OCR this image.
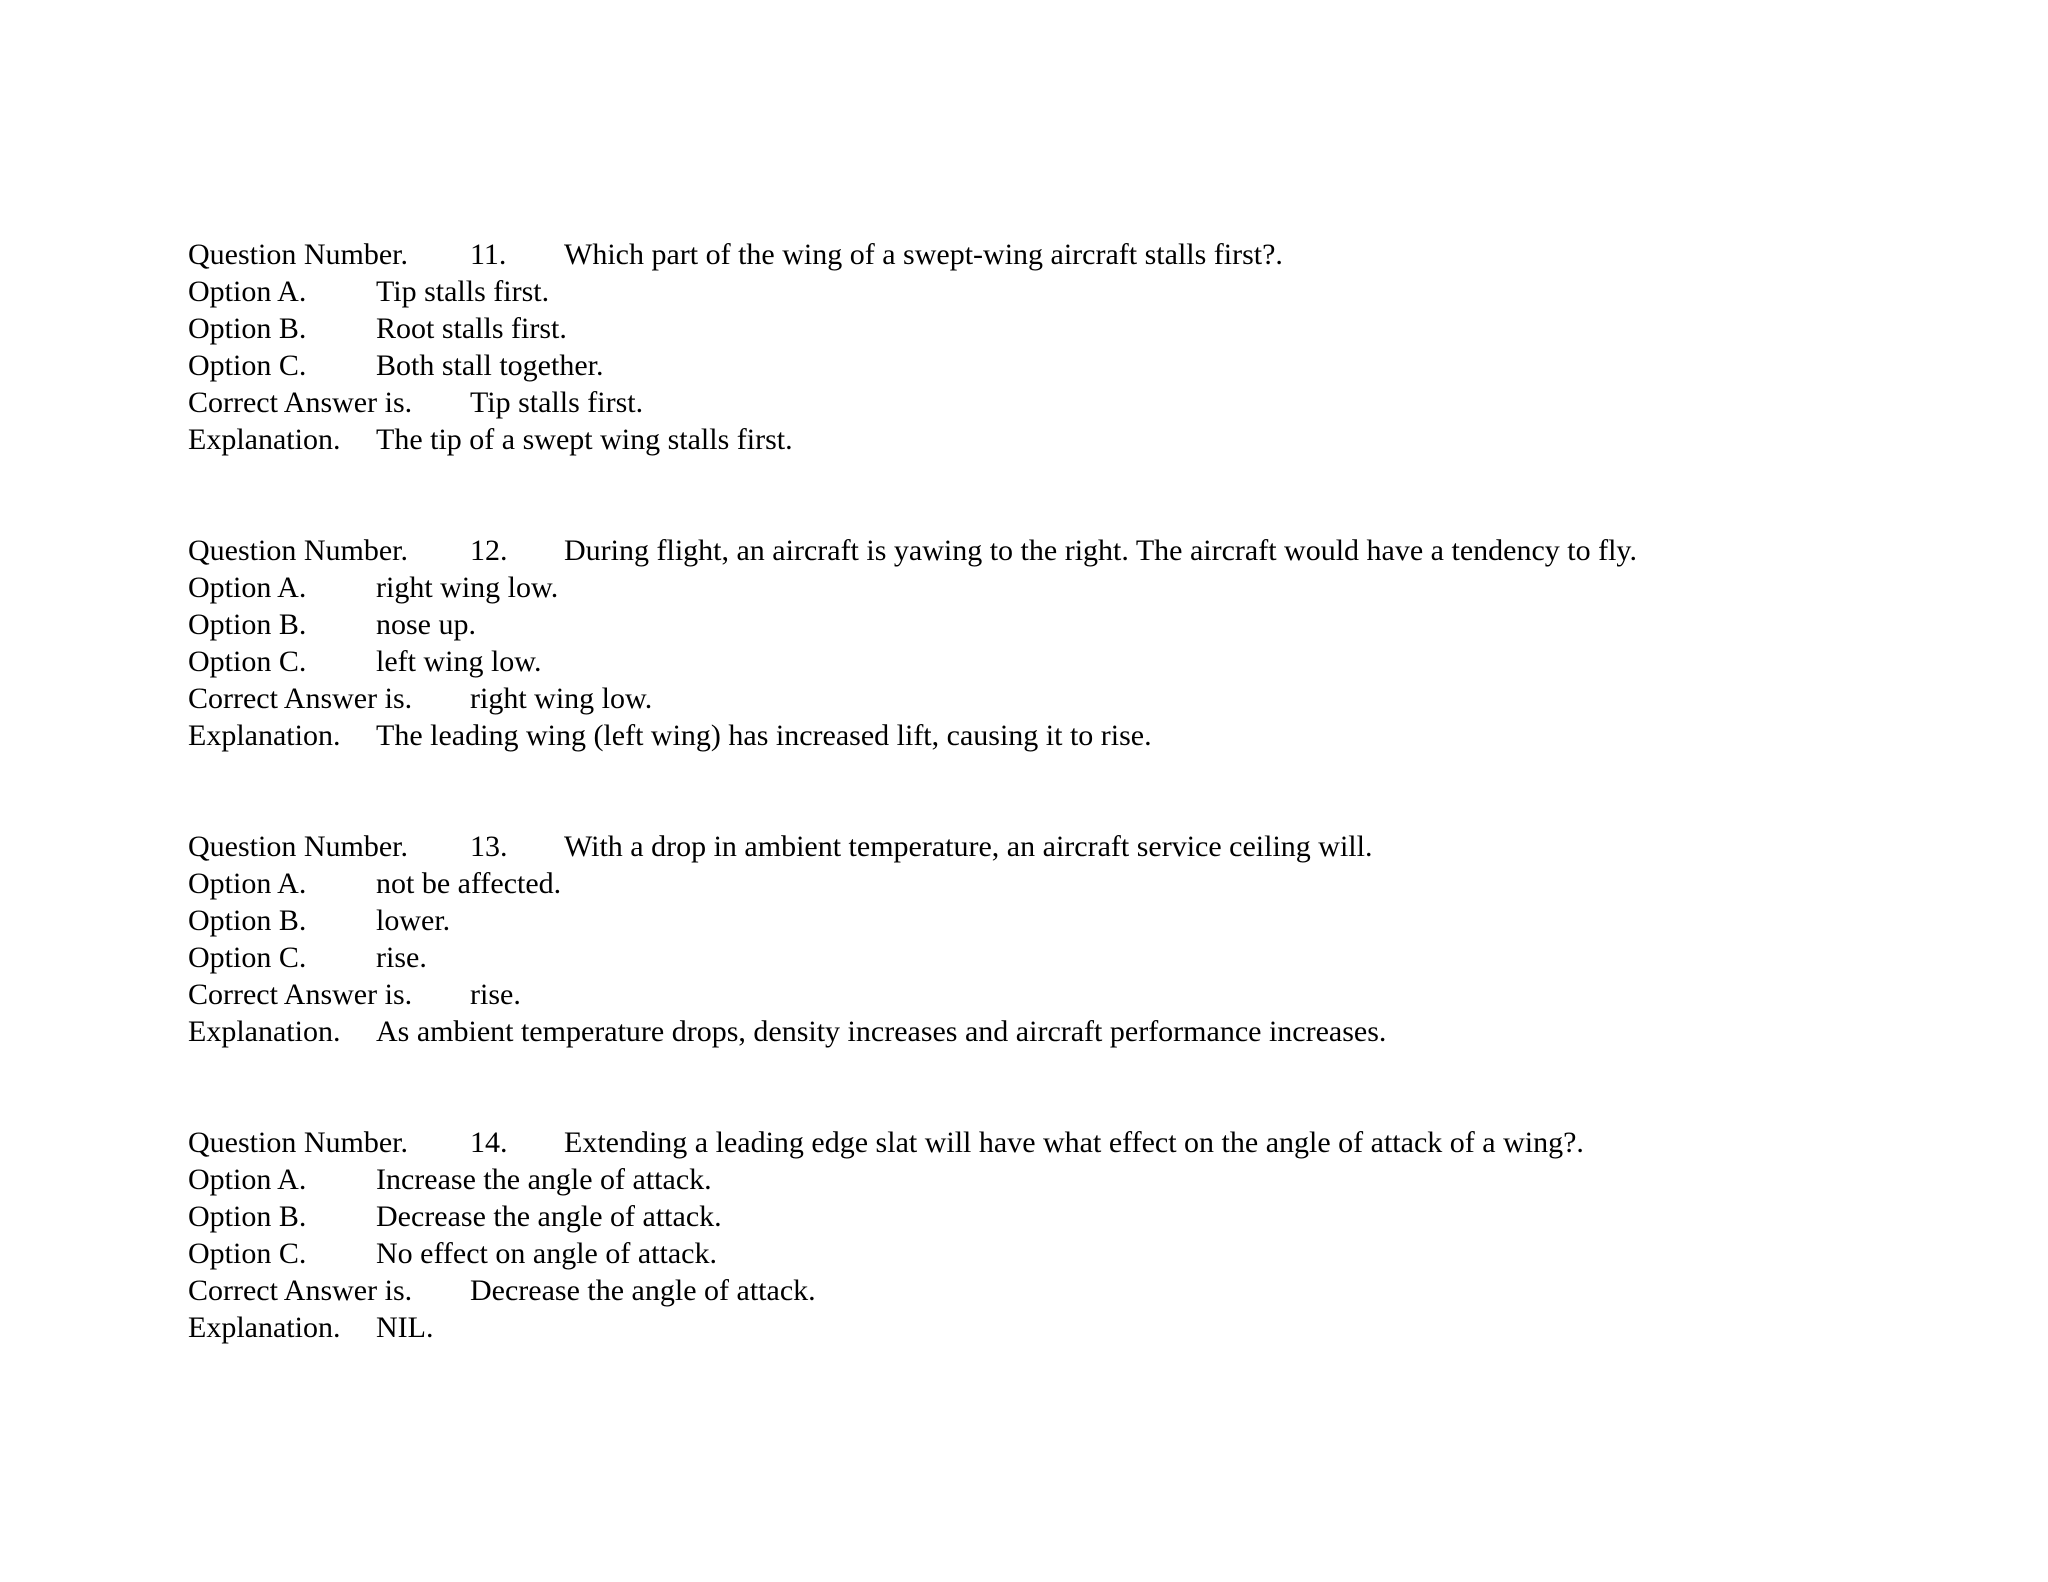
Question Number. 11. Which part of the wing of a swept-wing aircraft stalls first?.
Option A. Tip stalls first.
Option B. Root stalls first.
Option C. Both stall together.
Correct Answer is. Tip stalls first.
Explanation. The tip of a swept wing stalls first.
Question Number. 12. During flight, an aircraft is yawing to the right. The aircraft would have a tendency to fly.
Option A. right wing low.
Option B. nose up.
Option C. left wing low.
Correct Answer is. right wing low.
Explanation. The leading wing (left wing) has increased lift, causing it to rise.
Question Number. 13. With a drop in ambient temperature, an aircraft service ceiling will.
Option A. not be affected.
Option B. lower.
Option C. rise.
Correct Answer is. rise.
Explanation. As ambient temperature drops, density increases and aircraft performance increases.
Question Number. 14. Extending a leading edge slat will have what effect on the angle of attack of a wing?.
Option A. Increase the angle of attack.
Option B. Decrease the angle of attack.
Option C. No effect on angle of attack.
Correct Answer is. Decrease the angle of attack.
Explanation. NIL.
